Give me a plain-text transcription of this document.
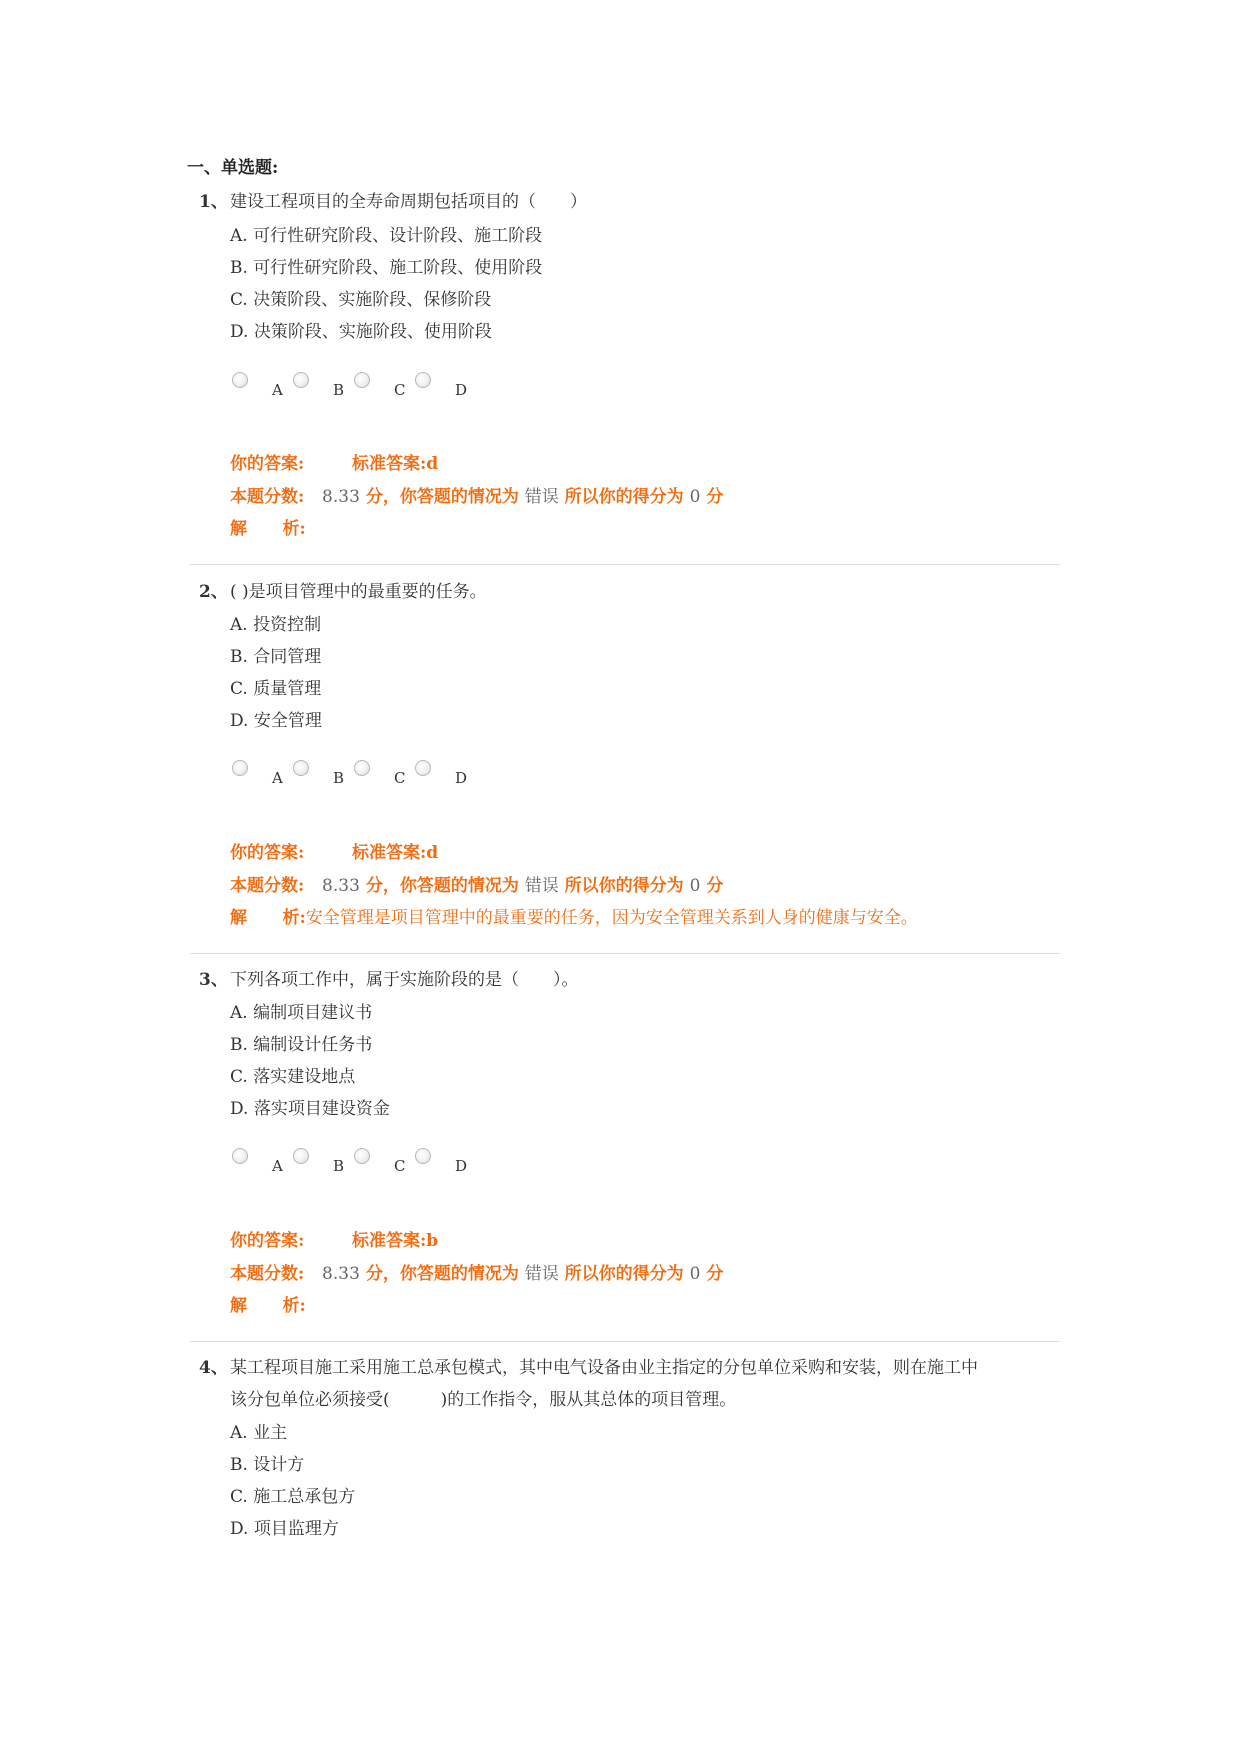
一、单选题:
1、 建设工程项目的全寿命周期包括项目的（　　）
A. 可行性研究阶段、设计阶段、施工阶段
B. 可行性研究阶段、施工阶段、使用阶段
C. 决策阶段、实施阶段、保修阶段
D. 决策阶段、实施阶段、使用阶段
A	B	C	D
你的答案:	标准答案:d
本题分数: 8.33 分，你答题的情况为 错误 所以你的得分为 0 分
解 析:
2、 ( )是项目管理中的最重要的任务。
A. 投资控制
B. 合同管理
C. 质量管理
D. 安全管理
A	B	C	D
你的答案:	标准答案:d
本题分数: 8.33 分，你答题的情况为 错误 所以你的得分为 0 分
解 析:安全管理是项目管理中的最重要的任务，因为安全管理关系到人身的健康与安全。
3、 下列各项工作中，属于实施阶段的是（　　）。
A. 编制项目建议书
B. 编制设计任务书
C. 落实建设地点
D. 落实项目建设资金
A	B	C	D
你的答案:	标准答案:b
本题分数: 8.33 分，你答题的情况为 错误 所以你的得分为 0 分
解 析:
4、 某工程项目施工采用施工总承包模式，其中电气设备由业主指定的分包单位采购和安装，则在施工中
该分包单位必须接受(　　　)的工作指令，服从其总体的项目管理。
A. 业主
B. 设计方
C. 施工总承包方
D. 项目监理方
